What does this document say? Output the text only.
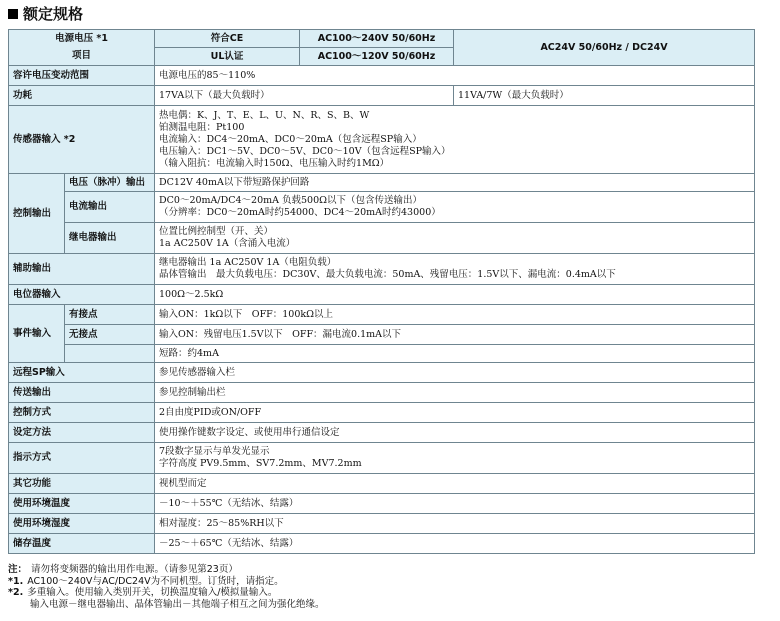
额定规格
电源电压 *1		符合CE	AC100～240V 50/60Hz	AC24V 50/60Hz / DC24V
项目		UL认证	AC100～120V 50/60Hz	
容许电压变动范围		电源电压的85～110%		
功耗		17VA以下（最大负载时）		11VA/7W（最大负载时）
传感器输入 *2		热电偶：K、J、T、E、L、U、N、R、S、B、W
铂测温电阻：Pt100
电流输入：DC4～20mA、DC0～20mA（包含远程SP输入）
电压输入：DC1～5V、DC0～5V、DC0～10V（包含远程SP输入）
（输入阻抗：电流输入时150Ω、电压输入时约1MΩ）		

控制输出	电压（脉冲）输出	DC12V 40mA以下带短路保护回路		
	电流输出	DC0～20mA/DC4～20mA 负载500Ω以下（包含传送输出）
（分辨率：DC0～20mA时约54000、DC4～20mA时约43000）		

	继电器输出	位置比例控制型（开、关）
1a AC250V 1A（含涌入电流）		

辅助输出		继电器输出 1a AC250V 1A（电阻负载）
晶体管输出　最大负载电压：DC30V、最大负载电流：50mA、残留电压：1.5V以下、漏电流：0.4mA以下		

电位器输入		100Ω～2.5kΩ		
事件输入	有接点	输入ON：1kΩ以下　OFF：100kΩ以上		
	无接点	输入ON：残留电压1.5V以下　OFF：漏电流0.1mA以下		
		短路：约4mA		
远程SP输入		参见传感器输入栏		
传送输出		参见控制输出栏		
控制方式		2自由度PID或ON/OFF		
设定方法		使用操作键数字设定、或使用串行通信设定		
指示方式		7段数字显示与单发光显示
字符高度 PV9.5mm、SV7.2mm、MV7.2mm		

其它功能		视机型而定		
使用环境温度		－10～＋55℃（无结冰、结露）		
使用环境湿度		相对湿度：25～85%RH以下		
储存温度		－25～＋65℃（无结冰、结露）		
注： 请勿将变频器的输出用作电源。（请参见第23页）
*1. AC100～240V与AC/DC24V为不同机型。订货时，请指定。
*2. 多重输入。使用输入类别开关，切换温度输入/模拟量输入。
输入电源－继电器输出、晶体管输出－其他端子相互之间为强化绝缘。
